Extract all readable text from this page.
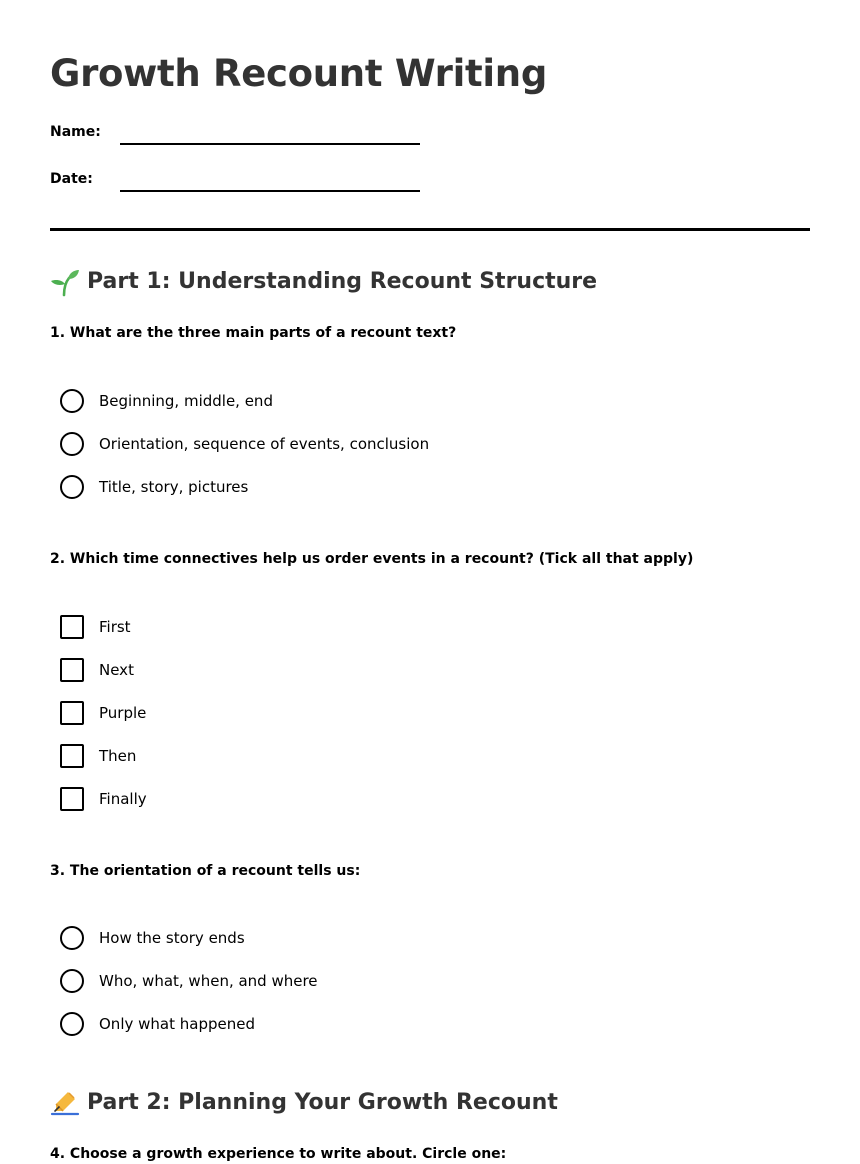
Growth Recount Writing
Name:
Date:
Part 1: Understanding Recount Structure
1. What are the three main parts of a recount text?
Beginning, middle, end
Orientation, sequence of events, conclusion
Title, story, pictures
2. Which time connectives help us order events in a recount? (Tick all that apply)
First
Next
Purple
Then
Finally
3. The orientation of a recount tells us:
How the story ends
Who, what, when, and where
Only what happened
Part 2: Planning Your Growth Recount
4. Choose a growth experience to write about. Circle one:
